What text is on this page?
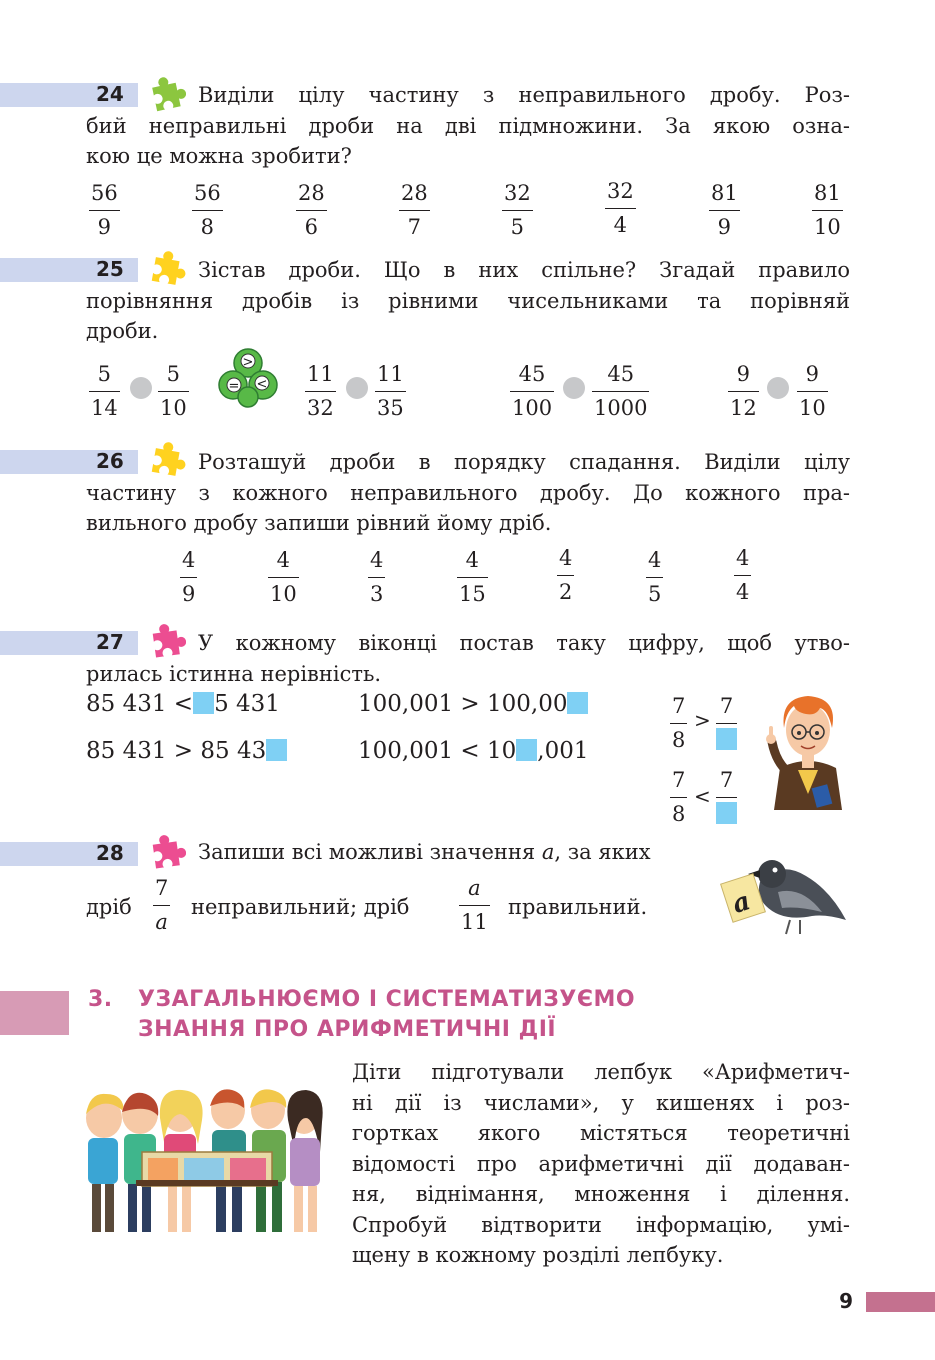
24	Виділи цілу частину з неправильного дробу. Роз-
бий неправильні дроби на дві підмножини. За якою озна-
кою це можна зробити?
56
9
56
8
28
6
28
7
32
5
32
4
81
9
81
10
25	Зістав дроби. Що в них спільне? Згадай правило
порівняння дробів із рівними чисельниками та порівняй
дроби.
5
14
5
10
>
= < 11
32
11
35
45
100
45
1000
9
12
9
10
26	Розташуй дроби в порядку спадання. Виділи цілу
частину з кожного неправильного дробу. До кожного пра-
вильного дробу запиши рівний йому дріб.
4
9
4
10
4
3
4
15
4
2
4
5
4
4
27	У кожному віконці постав таку цифру, щоб утво-
рилась істинна нерівність.
85 431 < 5 431
85 431 > 85 43
100,001 > 100,00
100,001 < 10 ,001
7
8
>
7
7
8
<
7
28	Запиши всі можливі значення a, за яких
дріб
7
a
неправильний; дріб
a
11
правильний.	a
3. УЗАГАЛЬНЮЄМО І СИСТЕМАТИЗУЄМО
ЗНАННЯ ПРО АРИФМЕТИЧНІ ДІЇ
Діти підготували лепбук «Арифметич-
ні дії із числами», у кишенях і роз-
гортках якого містяться теоретичні
відомості про арифметичні дії додаван-
ня, віднімання, множення і ділення.
Спробуй відтворити інформацію, умі-
щену в кожному розділі лепбуку.
9
